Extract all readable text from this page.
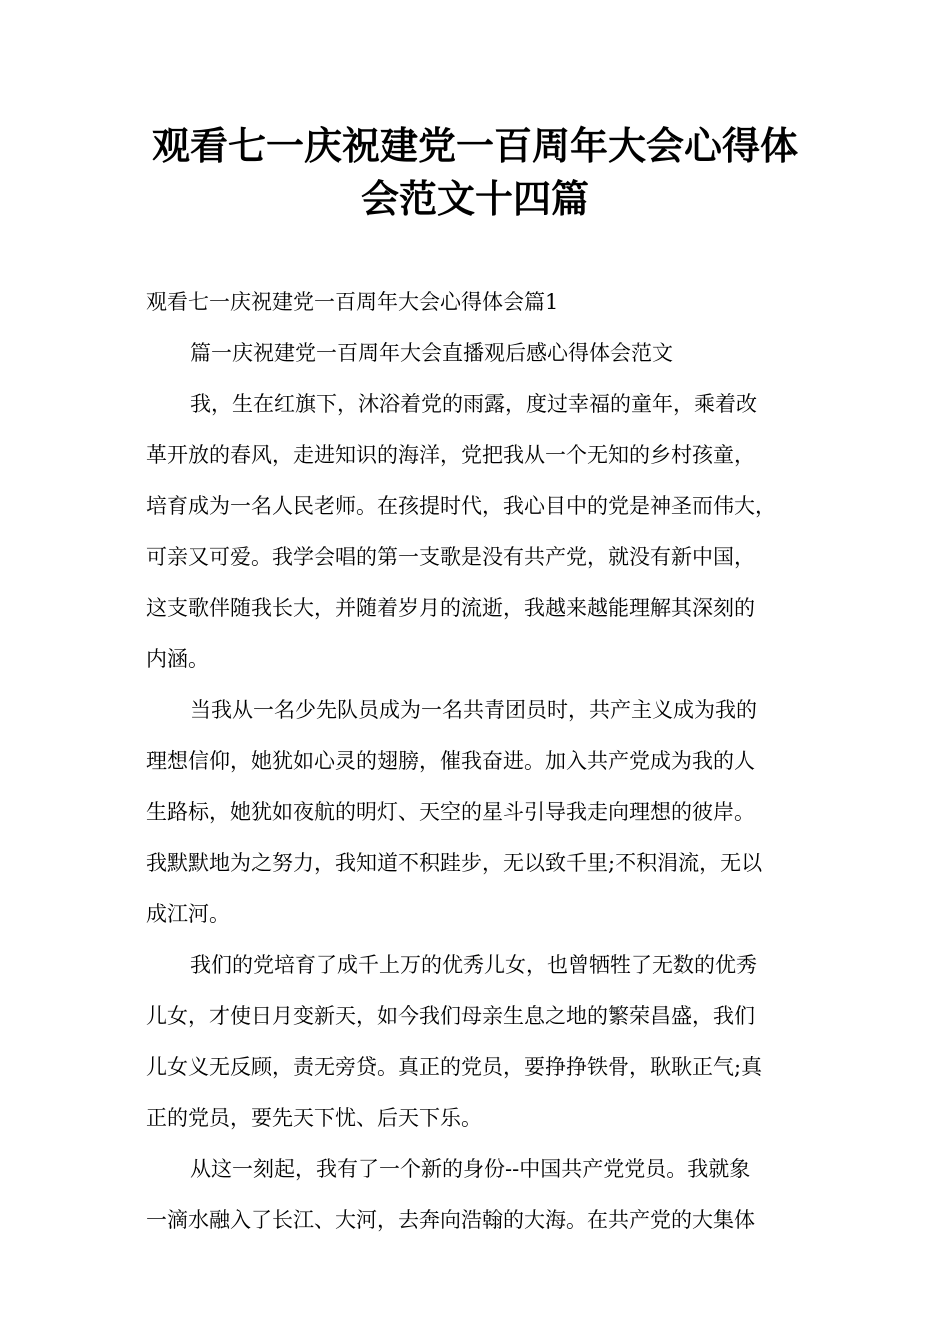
观看七一庆祝建党一百周年大会心得体
会范文十四篇
观看七一庆祝建党一百周年大会心得体会篇1
篇一庆祝建党一百周年大会直播观后感心得体会范文
我，生在红旗下，沐浴着党的雨露，度过幸福的童年，乘着改
革开放的春风，走进知识的海洋，党把我从一个无知的乡村孩童，
培育成为一名人民老师。在孩提时代，我心目中的党是神圣而伟大，
可亲又可爱。我学会唱的第一支歌是没有共产党，就没有新中国，
这支歌伴随我长大，并随着岁月的流逝，我越来越能理解其深刻的
内涵。
当我从一名少先队员成为一名共青团员时，共产主义成为我的
理想信仰，她犹如心灵的翅膀，催我奋进。加入共产党成为我的人
生路标，她犹如夜航的明灯、天空的星斗引导我走向理想的彼岸。
我默默地为之努力，我知道不积跬步，无以致千里;不积涓流，无以
成江河。
我们的党培育了成千上万的优秀儿女，也曾牺牲了无数的优秀
儿女，才使日月变新天，如今我们母亲生息之地的繁荣昌盛，我们
儿女义无反顾，责无旁贷。真正的党员，要挣挣铁骨，耿耿正气;真
正的党员，要先天下忧、后天下乐。
从这一刻起，我有了一个新的身份--中国共产党党员。我就象
一滴水融入了长江、大河，去奔向浩翰的大海。在共产党的大集体
